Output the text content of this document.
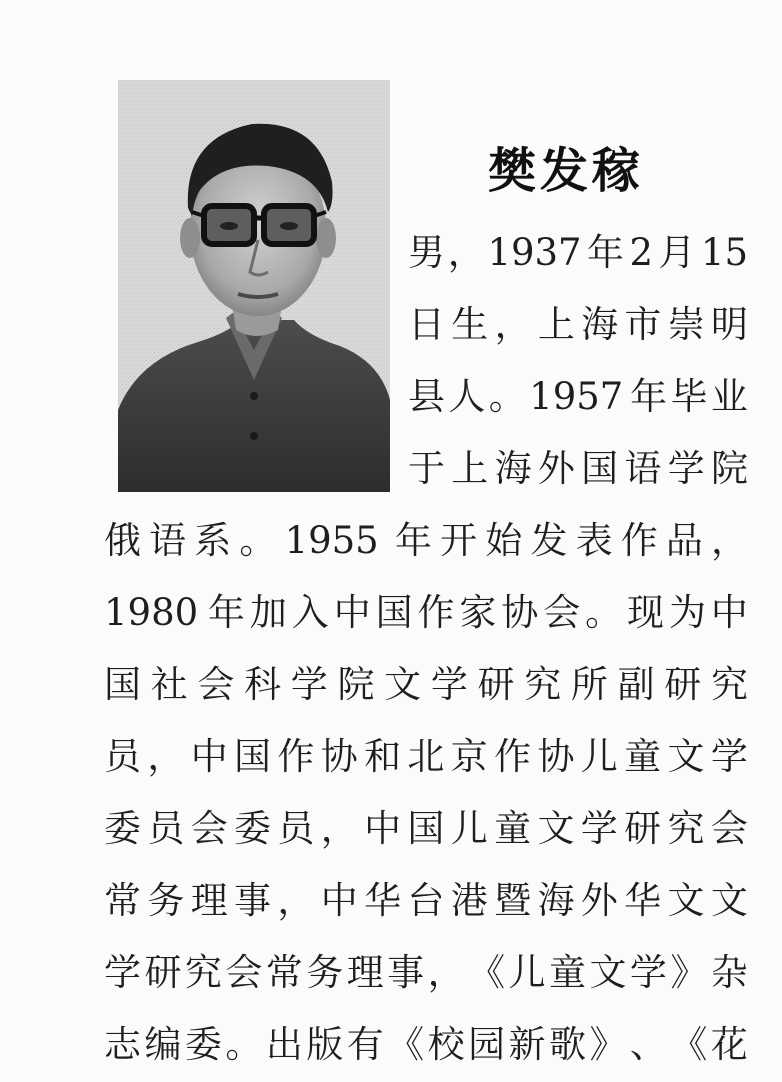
樊发稼
男 ， 1937 年 2 月 15
日 生 ， 上 海 市 崇 明
县 人 。 1957 年 毕 业
于 上 海 外 国 语 学 院
俄 语 系 。 1955 年 开 始 发 表 作 品 ，
1980 年 加 入 中 国 作 家 协 会 。 现 为 中
国 社 会 科 学 院 文 学 研 究 所 副 研 究
员 ， 中 国 作 协 和 北 京 作 协 儿 童 文 学
委 员 会 委 员 ， 中 国 儿 童 文 学 研 究 会
常 务 理 事 ， 中 华 台 港 暨 海 外 华 文 文
学 研 究 会 常 务 理 事 ， 《 儿 童 文 学 》 杂
志 编 委 。 出 版 有 《 校 园 新 歌 》 、 《 花
